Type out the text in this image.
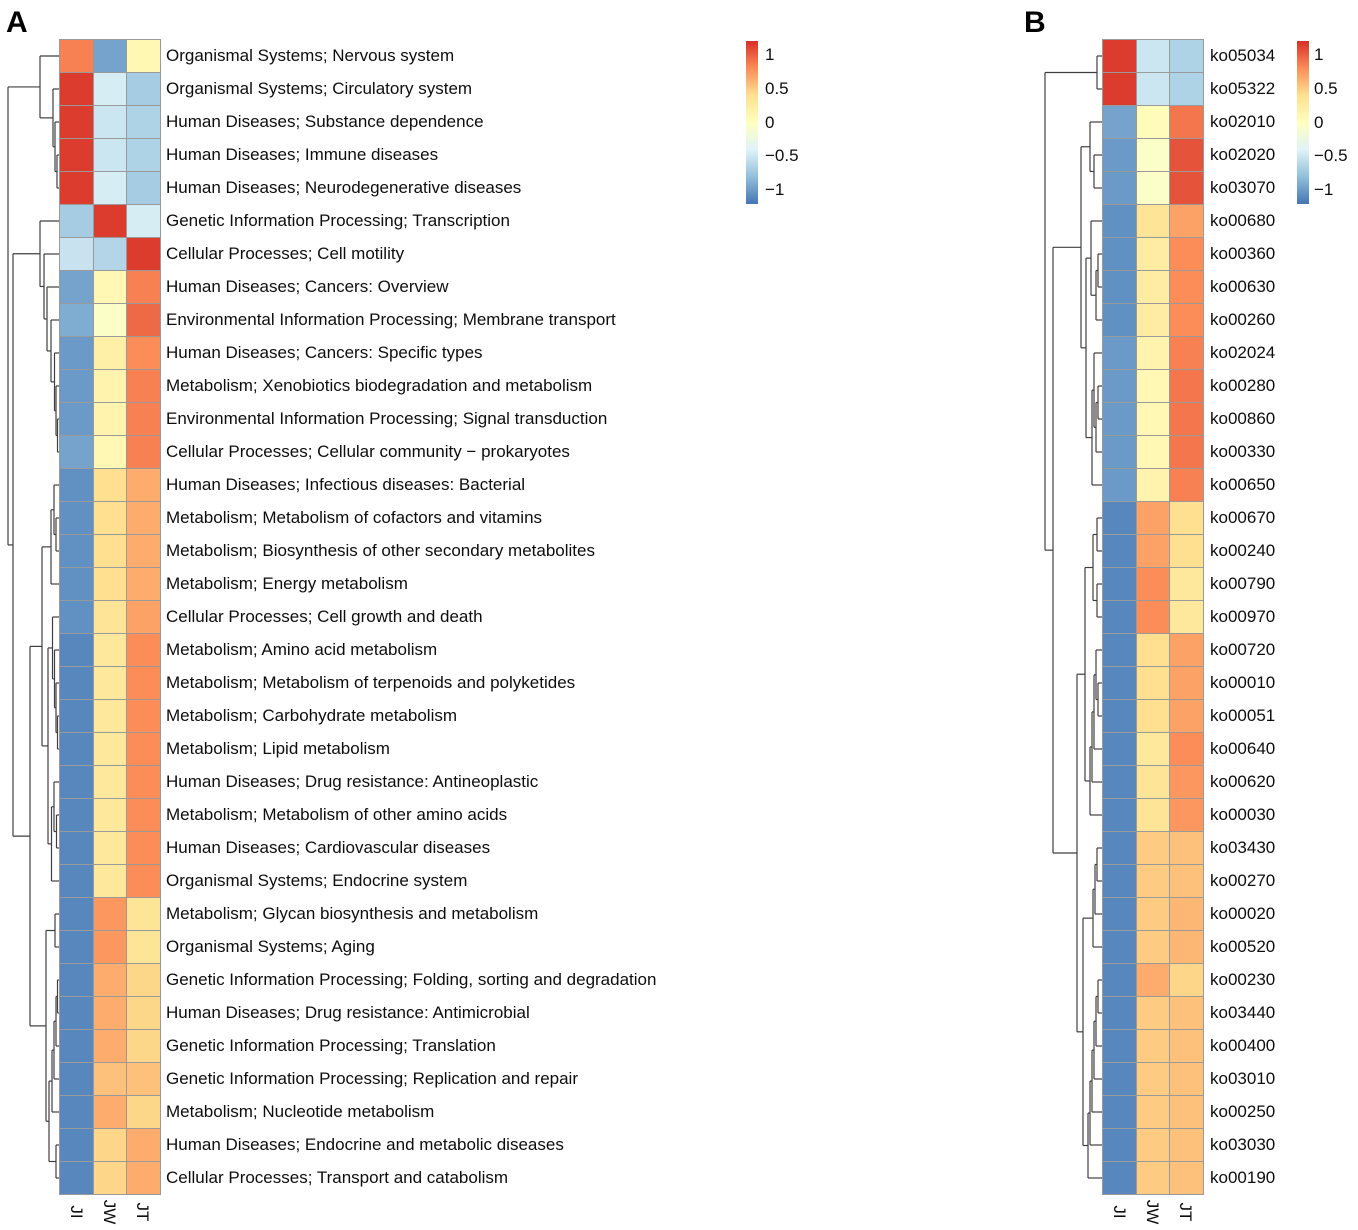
A	B
Organismal Systems; Nervous system
Organismal Systems; Circulatory system
Human Diseases; Substance dependence
Human Diseases; Immune diseases
Human Diseases; Neurodegenerative diseases
Genetic Information Processing; Transcription
Cellular Processes; Cell motility
Human Diseases; Cancers: Overview
Environmental Information Processing; Membrane transport
Human Diseases; Cancers: Specific types
Metabolism; Xenobiotics biodegradation and metabolism
Environmental Information Processing; Signal transduction
Cellular Processes; Cellular community − prokaryotes
Human Diseases; Infectious diseases: Bacterial
Metabolism; Metabolism of cofactors and vitamins
Metabolism; Biosynthesis of other secondary metabolites
Metabolism; Energy metabolism
Cellular Processes; Cell growth and death
Metabolism; Amino acid metabolism
Metabolism; Metabolism of terpenoids and polyketides
Metabolism; Carbohydrate metabolism
Metabolism; Lipid metabolism
Human Diseases; Drug resistance: Antineoplastic
Metabolism; Metabolism of other amino acids
Human Diseases; Cardiovascular diseases
Organismal Systems; Endocrine system
Metabolism; Glycan biosynthesis and metabolism
Organismal Systems; Aging
Genetic Information Processing; Folding, sorting and degradation
Human Diseases; Drug resistance: Antimicrobial
Genetic Information Processing; Translation
Genetic Information Processing; Replication and repair
Metabolism; Nucleotide metabolism
Human Diseases; Endocrine and metabolic diseases
Cellular Processes; Transport and catabolism
JI JW JT
1
0.5
0
−0.5
−1
ko05034
ko05322
ko02010
ko02020
ko03070
ko00680
ko00360
ko00630
ko00260
ko02024
ko00280
ko00860
ko00330
ko00650
ko00670
ko00240
ko00790
ko00970
ko00720
ko00010
ko00051
ko00640
ko00620
ko00030
ko03430
ko00270
ko00020
ko00520
ko00230
ko03440
ko00400
ko03010
ko00250
ko03030
ko00190
JI JW JT
1
0.5
0
−0.5
−1
